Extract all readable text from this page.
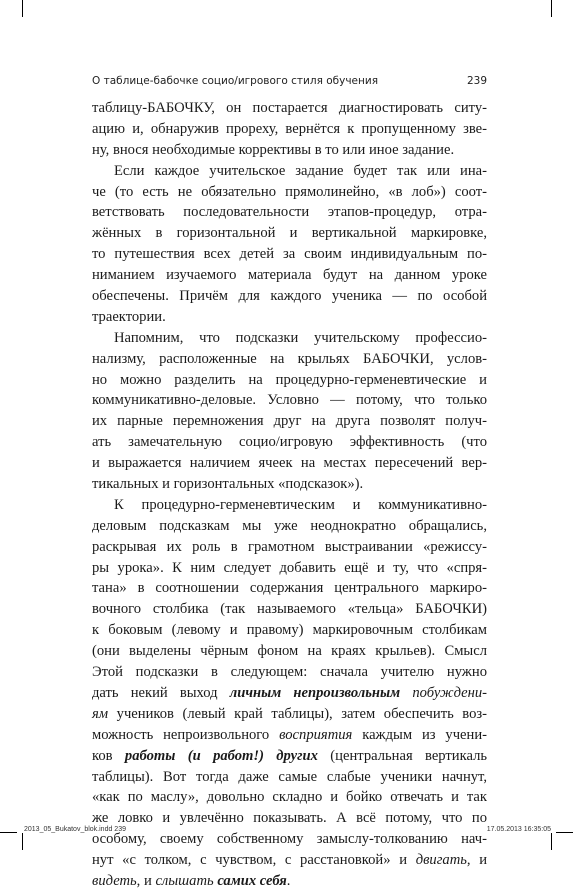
О таблице-бабочке социо/игрового стиля обучения	239
таблицу-БАБОЧКУ, он постарается диагностировать ситу-
ацию и, обнаружив прореху, вернётся к пропущенному зве-
ну, внося необходимые коррективы в то или иное задание.
Если каждое учительское задание будет так или ина-
че (то есть не обязательно прямолинейно, «в лоб») соот-
ветствовать последовательности этапов-процедур, отра-
жённых в горизонтальной и вертикальной маркировке,
то путешествия всех детей за своим индивидуальным по-
ниманием изучаемого материала будут на данном уроке
обеспечены. Причём для каждого ученика — по особой
траектории.
Напомним, что подсказки учительскому профессио-
нализму, расположенные на крыльях БАБОЧКИ, услов-
но можно разделить на процедурно-герменевтические и
коммуникативно-деловые. Условно — потому, что только
их парные перемножения друг на друга позволят получ-
ать замечательную социо/игровую эффективность (что
и выражается наличием ячеек на местах пересечений вер-
тикальных и горизонтальных «подсказок»).
К процедурно-герменевтическим и коммуникативно-
деловым подсказкам мы уже неоднократно обращались,
раскрывая их роль в грамотном выстраивании «режиссу-
ры урока». К ним следует добавить ещё и ту, что «спря-
тана» в соотношении содержания центрального маркиро-
вочного столбика (так называемого «тельца» БАБОЧКИ)
к боковым (левому и правому) маркировочным столбикам
(они выделены чёрным фоном на краях крыльев). Смысл
Этой подсказки в следующем: сначала учителю нужно
дать некий выход личным непроизвольным побуждени-
ям учеников (левый край таблицы), затем обеспечить воз-
можность непроизвольного восприятия каждым из учени-
ков работы (и работ!) других (центральная вертикаль
таблицы). Вот тогда даже самые слабые ученики начнут,
«как по маслу», довольно складно и бойко отвечать и так
же ловко и увлечённо показывать. А всё потому, что по
особому, своему собственному замыслу-толкованию нач-
нут «с толком, с чувством, с расстановкой» и двигать, и
видеть, и слышать самих себя.
2013_05_Bukatov_blok.indd 239	17.05.2013 16:35:05
